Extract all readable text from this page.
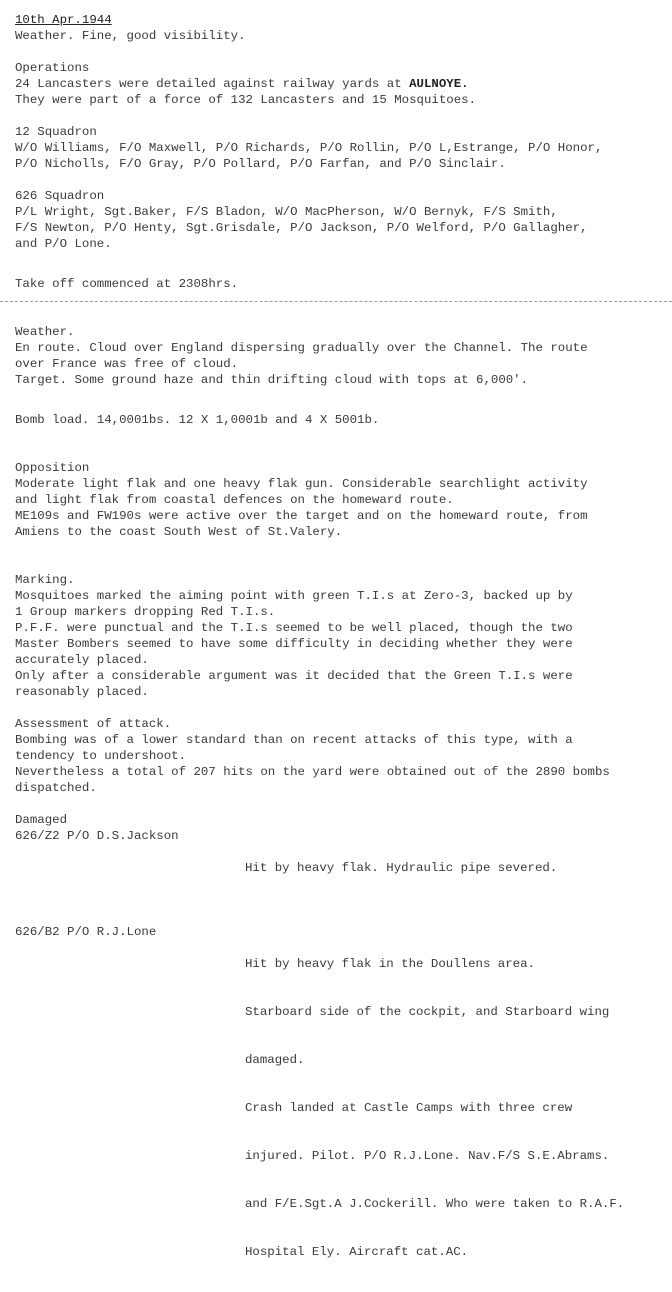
10th Apr.1944
Weather. Fine, good visibility.
Operations
24 Lancasters were detailed against railway yards at AULNOYE.
They were part of a force of 132 Lancasters and 15 Mosquitoes.
12 Squadron
W/O Williams, F/O Maxwell, P/O Richards, P/O Rollin, P/O L,Estrange, P/O Honor,
P/O Nicholls, F/O Gray, P/O Pollard, P/O Farfan, and P/O Sinclair.
626 Squadron
P/L Wright, Sgt.Baker, F/S Bladon, W/O MacPherson, W/O Bernyk, F/S Smith,
F/S Newton, P/O Henty, Sgt.Grisdale, P/O Jackson, P/O Welford, P/O Gallagher,
and P/O Lone.
Take off commenced at 2308hrs.
Weather.
En route. Cloud over England dispersing gradually over the Channel. The route
over France was free of cloud.
Target. Some ground haze and thin drifting cloud with tops at 6,000'.
Bomb load. 14,0001bs. 12 X 1,0001b and 4 X 5001b.
Opposition
Moderate light flak and one heavy flak gun. Considerable searchlight activity
and light flak from coastal defences on the homeward route.
ME109s and FW190s were active over the target and on the homeward route, from
Amiens to the coast South West of St.Valery.
Marking.
Mosquitoes marked the aiming point with green T.I.s at Zero-3, backed up by
1 Group markers dropping Red T.I.s.
P.F.F. were punctual and the T.I.s seemed to be well placed, though the two
Master Bombers seemed to have some difficulty in deciding whether they were
accurately placed.
Only after a considerable argument was it decided that the Green T.I.s were
reasonably placed.
Assessment of attack.
Bombing was of a lower standard than on recent attacks of this type, with a
tendency to undershoot.
Nevertheless a total of 207 hits on the yard were obtained out of the 2890 bombs
dispatched.
Damaged
626/Z2 P/O D.S.Jackson

Hit by heavy flak. Hydraulic pipe severed.

626/B2 P/O R.J.Lone

Hit by heavy flak in the Doullens area.

Starboard side of the cockpit, and Starboard wing

damaged.

Crash landed at Castle Camps with three crew

injured. Pilot. P/O R.J.Lone. Nav.F/S S.E.Abrams.

and F/E.Sgt.A J.Cockerill. Who were taken to R.A.F.

Hospital Ely. Aircraft cat.AC.
